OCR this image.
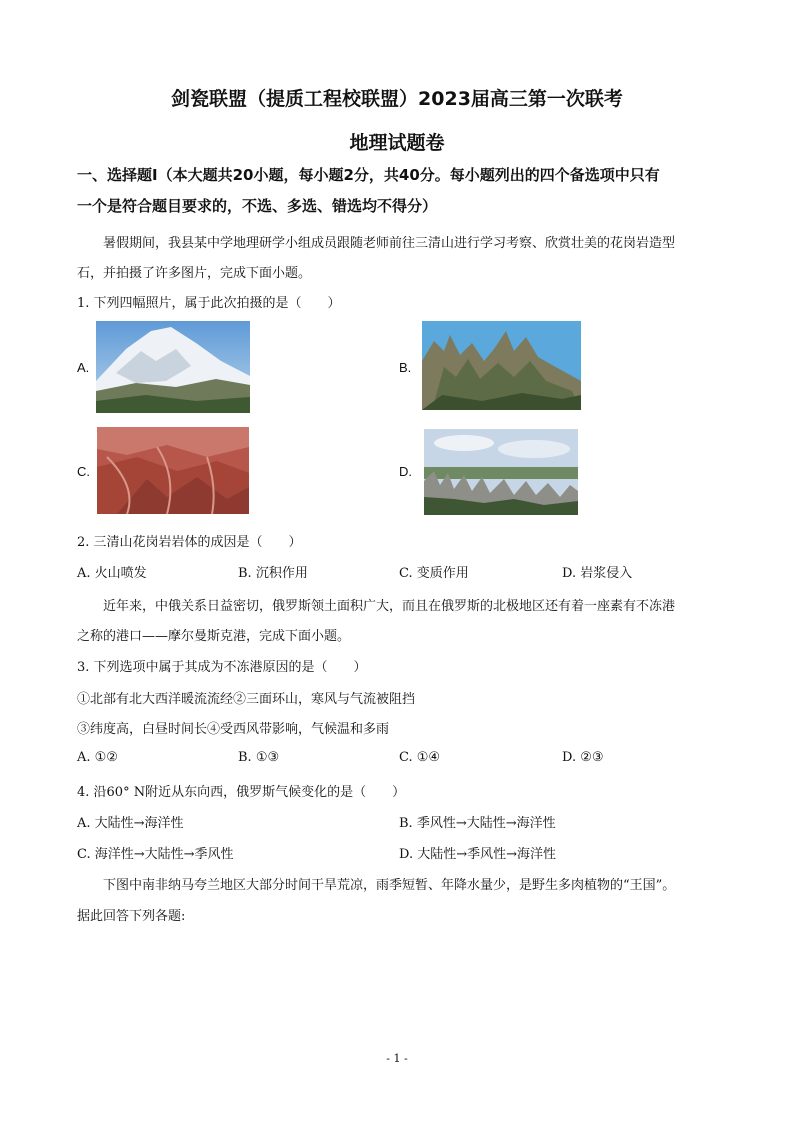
剑瓷联盟（提质工程校联盟）2023届高三第一次联考
地理试题卷
一、选择题Ⅰ（本大题共20小题，每小题2分，共40分。每小题列出的四个备选项中只有
一个是符合题目要求的，不选、多选、错选均不得分）
暑假期间，我县某中学地理研学小组成员跟随老师前往三清山进行学习考察、欣赏壮美的花岗岩造型
石，并拍摄了许多图片，完成下面小题。
1. 下列四幅照片，属于此次拍摄的是（　　）
A.	B.
C.	D.
2. 三清山花岗岩岩体的成因是（　　）
A. 火山喷发	B. 沉积作用	C. 变质作用	D. 岩浆侵入
近年来，中俄关系日益密切，俄罗斯领土面积广大，而且在俄罗斯的北极地区还有着一座素有不冻港
之称的港口——摩尔曼斯克港，完成下面小题。
3. 下列选项中属于其成为不冻港原因的是（　　）
①北部有北大西洋暖流流经②三面环山，寒风与气流被阻挡
③纬度高，白昼时间长④受西风带影响，气候温和多雨
A. ①②	B. ①③	C. ①④	D. ②③
4. 沿60° N附近从东向西，俄罗斯气候变化的是（　　）
A. 大陆性→海洋性	B. 季风性→大陆性→海洋性
C. 海洋性→大陆性→季风性	D. 大陆性→季风性→海洋性
下图中南非纳马夸兰地区大部分时间干旱荒凉，雨季短暂、年降水量少，是野生多肉植物的“王国”。
据此回答下列各题:
- 1 -
